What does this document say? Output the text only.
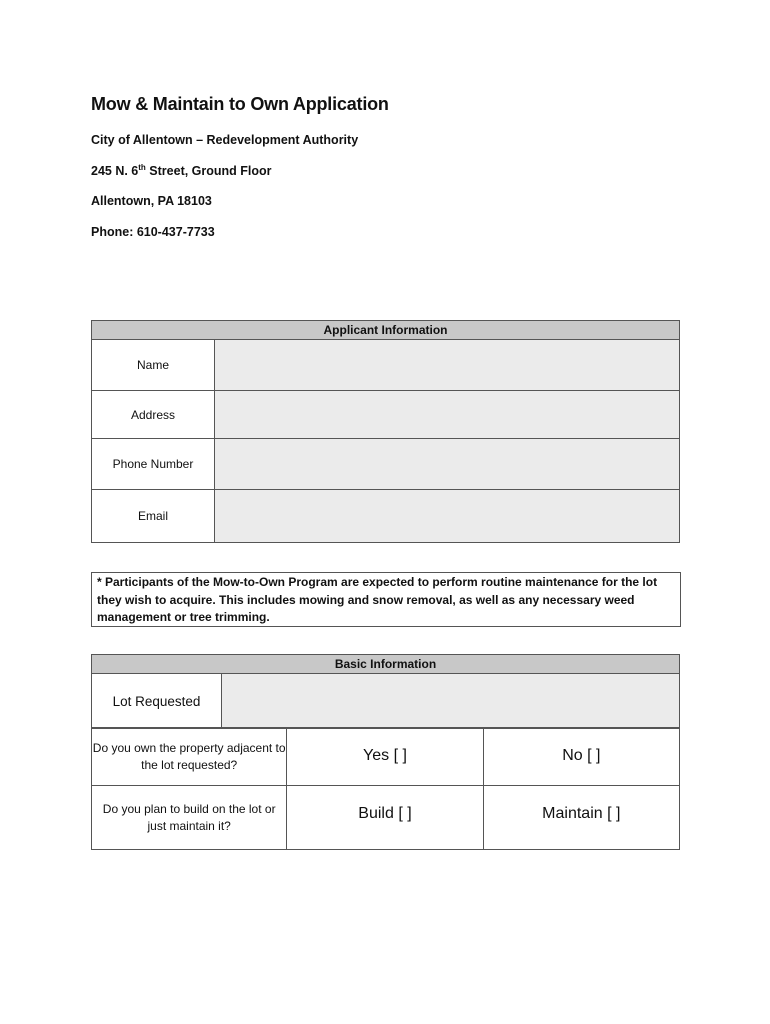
Mow & Maintain to Own Application
City of Allentown – Redevelopment Authority
245 N. 6th Street, Ground Floor
Allentown, PA 18103
Phone: 610-437-7733
Applicant Information	
Name	
Address	
Phone Number	
Email	
* Participants of the Mow-to-Own Program are expected to perform routine maintenance for the lot they wish to acquire. This includes mowing and snow removal, as well as any necessary weed management or tree trimming.
Basic Information
Lot Requested	
Do you own the property adjacent to the lot requested?	Yes [ ]	No [ ]
Do you plan to build on the lot or just maintain it?	Build [ ]	Maintain [ ]
